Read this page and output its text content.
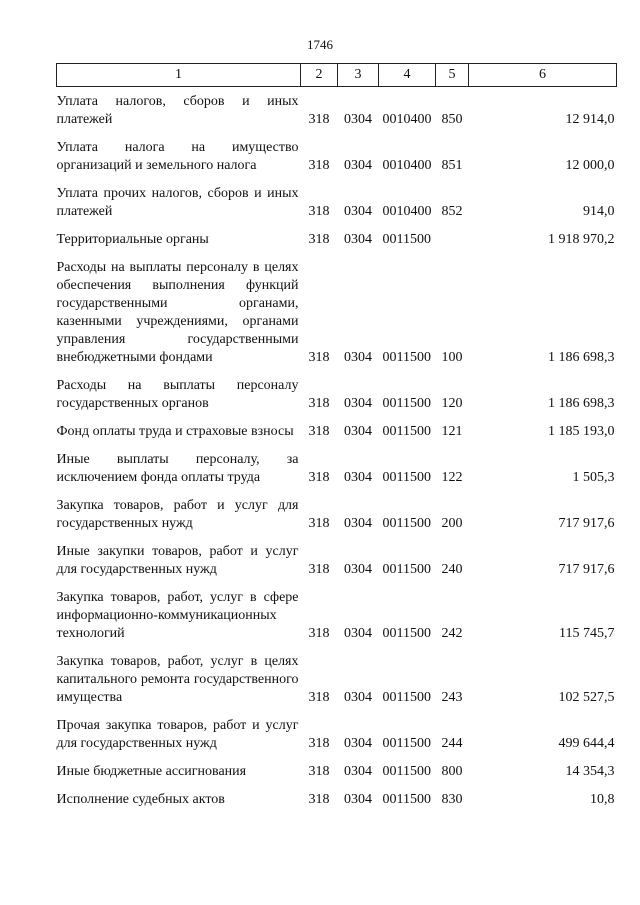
1746
1	2	3	4	5	6
Уплата налогов, сборов и иных платежей	318	0304	0010400	850	12 914,0
Уплата налога на имущество организаций и земельного налога	318	0304	0010400	851	12 000,0
Уплата прочих налогов, сборов и иных платежей	318	0304	0010400	852	914,0
Территориальные органы	318	0304	0011500		1 918 970,2
Расходы на выплаты персоналу в целях обеспечения выполнения функций государственными органами, казенными учреждениями, органами управления государственными внебюджетными фондами	318	0304	0011500	100	1 186 698,3
Расходы на выплаты персоналу государственных органов	318	0304	0011500	120	1 186 698,3
Фонд оплаты труда и страховые взносы	318	0304	0011500	121	1 185 193,0
Иные выплаты персоналу, за исключением фонда оплаты труда	318	0304	0011500	122	1 505,3
Закупка товаров, работ и услуг для государственных нужд	318	0304	0011500	200	717 917,6
Иные закупки товаров, работ и услуг для государственных нужд	318	0304	0011500	240	717 917,6
Закупка товаров, работ, услуг в сфере информационно-коммуникационных технологий	318	0304	0011500	242	115 745,7
Закупка товаров, работ, услуг в целях капитального ремонта государственного имущества	318	0304	0011500	243	102 527,5
Прочая закупка товаров, работ и услуг для государственных нужд	318	0304	0011500	244	499 644,4
Иные бюджетные ассигнования	318	0304	0011500	800	14 354,3
Исполнение судебных актов	318	0304	0011500	830	10,8
